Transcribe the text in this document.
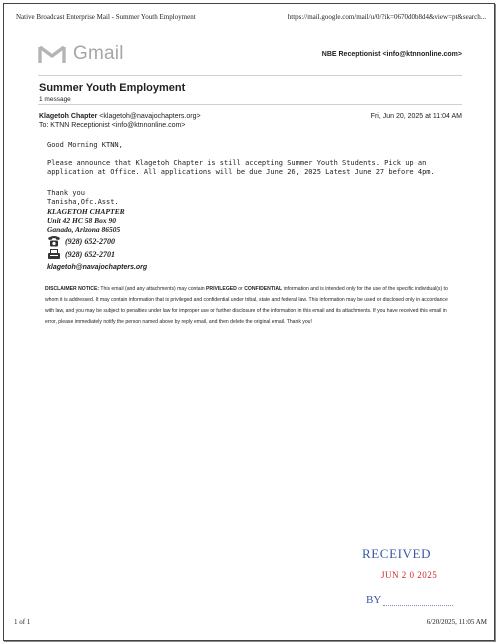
Native Broadcast Enterprise Mail - Summer Youth Employment	https://mail.google.com/mail/u/0/?ik=0670d0b8d4&view=pt&search...
Gmail	NBE Receptionist <info@ktnnonline.com>
Summer Youth Employment
1 message
Klagetoh Chapter <klagetoh@navajochapters.org>	Fri, Jun 20, 2025 at 11:04 AM
To: KTNN Receptionist <info@ktnnonline.com>
Good Morning KTNN,
Please announce that Klagetoh Chapter is still accepting Summer Youth Students. Pick up an
application at Office. All applications will be due June 26, 2025 Latest June 27 before 4pm.
Thank you
Tanisha,Ofc.Asst.
KLAGETOH CHAPTER
Unit 42 HC 58 Box 90
Ganado, Arizona 86505
(928) 652-2700
(928) 652-2701
klagetoh@navajochapters.org
DISCLAIMER NOTICE: This email (and any attachments) may contain PRIVILEGED or CONFIDENTIAL information and is intended only for the use of the specific individual(s) to whom it is addressed. It may contain information that is privileged and confidential under tribal, state and federal law. This information may be used or disclosed only in accordance with law, and you may be subject to penalties under law for improper use or further disclosure of the information in this email and its attachments. If you have received this email in error, please immediately notify the person named above by reply email, and then delete the original email. Thank you!
RECEIVED
JUN 2 0 2025
BY
1 of 1	6/20/2025, 11:05 AM
